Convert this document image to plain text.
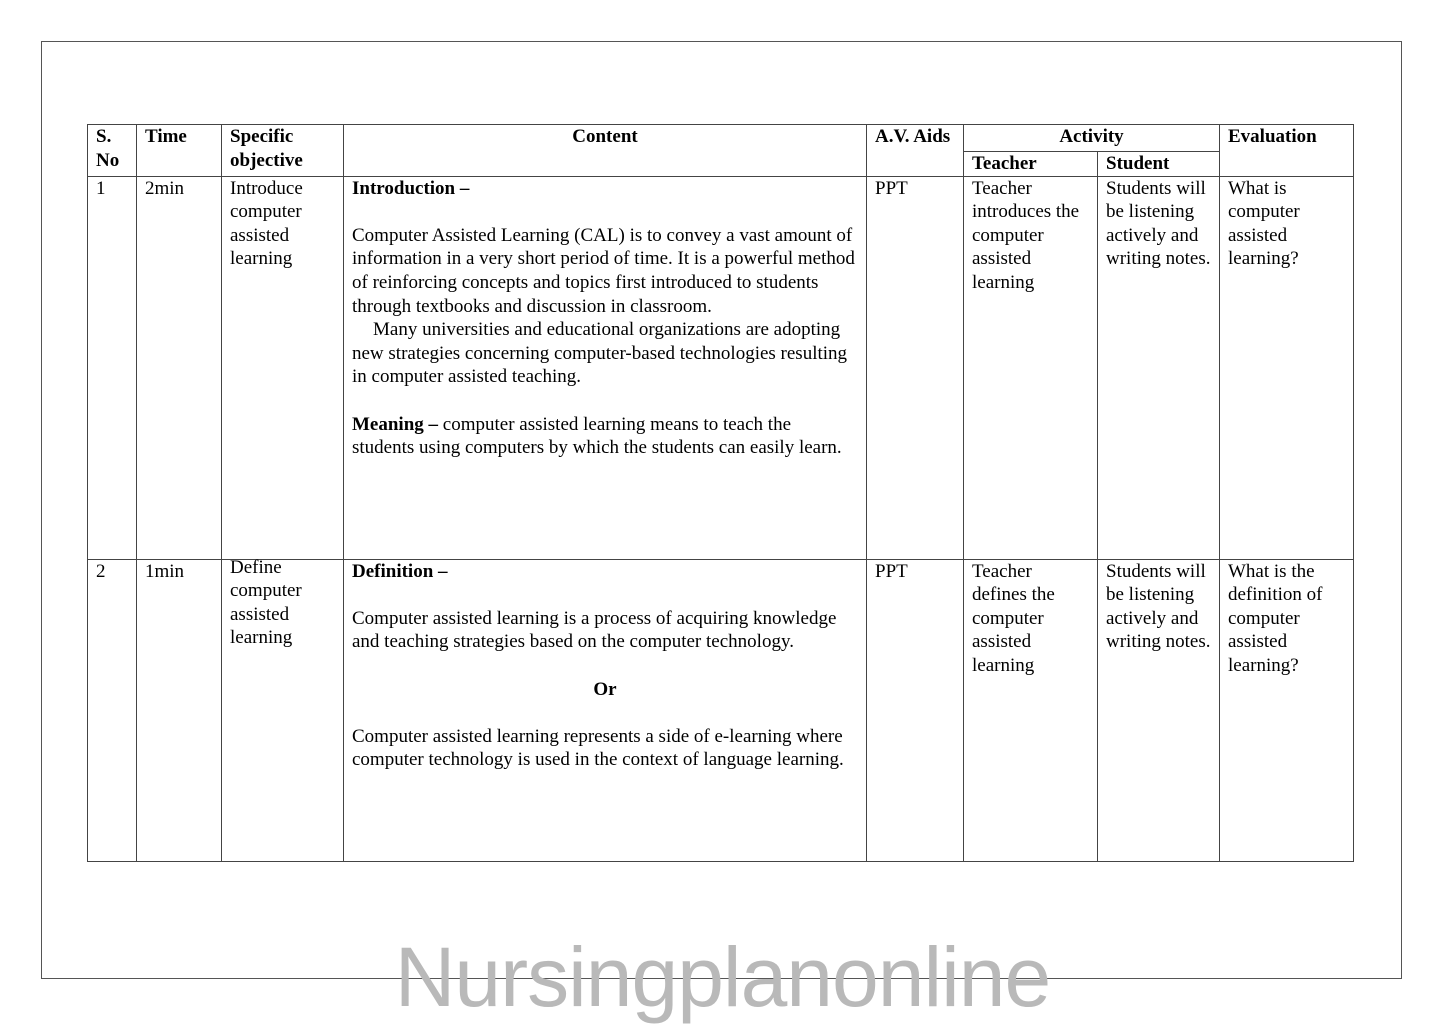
S. No	Time	Specific objective	Content	A.V. Aids	Activity		Evaluation
					Teacher	Student	
1	2min	Introduce computer assisted learning	Introduction –

Computer Assisted Learning (CAL) is to convey a vast amount of information in a very short period of time. It is a powerful method of reinforcing concepts and topics first introduced to students through textbooks and discussion in classroom.

Many universities and educational organizations are adopting new strategies concerning computer-based technologies resulting in computer assisted teaching.

Meaning – computer assisted learning means to teach the students using computers by which the students can easily learn.	PPT	Teacher introduces the computer assisted learning	Students will be listening actively and writing notes.	What is computer assisted learning?
2	1min	Define computer assisted learning	Definition –

Computer assisted learning is a process of acquiring knowledge and teaching strategies based on the computer technology.

Or

Computer assisted learning represents a side of e-learning where computer technology is used in the context of language learning.	PPT	Teacher defines the computer assisted learning	Students will be listening actively and writing notes.	What is the definition of computer assisted learning?
Nursingplanonline
